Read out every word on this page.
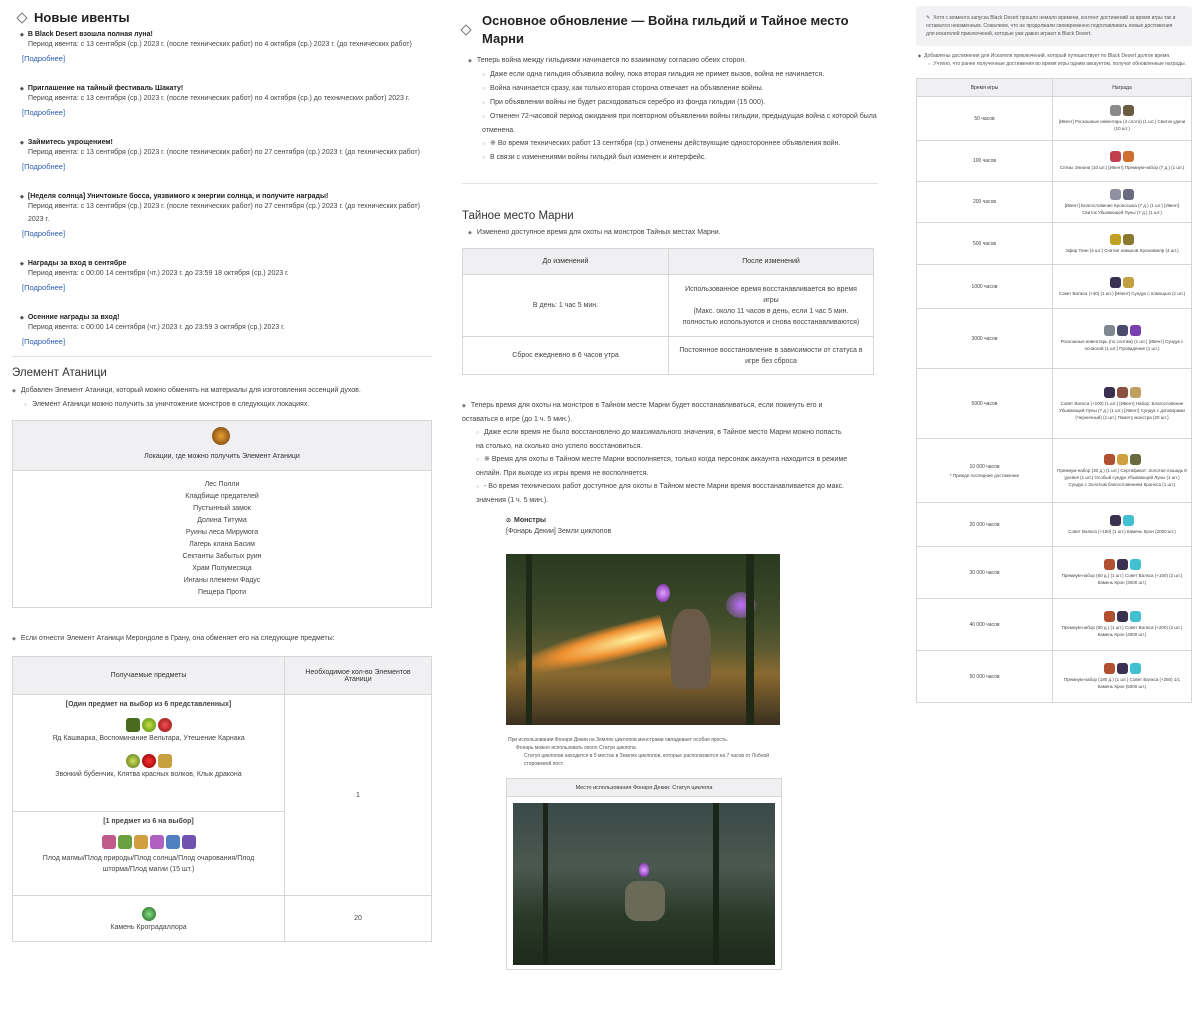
Новые ивенты
◆ В Black Desert взошла полная луна!
Период ивента: с 13 сентября (ср.) 2023 г. (после технических работ) по 4 октября (ср.) 2023 г. (до технических работ)
[Подробнее]
◆ Приглашение на тайный фестиваль Шакату!
Период ивента: с 13 сентября (ср.) 2023 г. (после технических работ) по 4 октября (ср.) до технических работ) 2023 г.
[Подробнее]
◆ Займитесь укрощением!
Период ивента: с 13 сентября (ср.) 2023 г. (после технических работ) по 27 сентября (ср.) 2023 г. (до технических работ)
[Подробнее]
◆ [Неделя солнца] Уничтожьте босса, уязвимого к энергии солнца, и получите награды!
Период ивента: с 13 сентября (ср.) 2023 г. (после технических работ) по 27 сентября (ср.) 2023 г. (до технических работ) 2023 г.
[Подробнее]
◆ Награды за вход в сентябре
Период ивента: с 00:00 14 сентября (чт.) 2023 г. до 23:59 18 октября (ср.) 2023 г.
[Подробнее]
◆ Осенние награды за вход!
Период ивента: с 00:00 14 сентября (чт.) 2023 г. до 23:59 3 октября (ср.) 2023 г.
[Подробнее]
Элемент Атаници
◆ Добавлен Элемент Атаници, который можно обменять на материалы для изготовления эссенций духов.
○ Элемент Атаници можно получить за уничтожение монстров в следующих локациях.
Локации, где можно получить Элемент Атаници

Лес Полли
Кладбище предателей
Пустынный замок
Долина Титума
Руины леса Мирумога
Лагерь клана Басим
Сектанты Забытых руин
Храм Полумесяца
Инганы племени Фадус
Пещера Проти
◆ Если отнести Элемент Атаници Мерондоле в Грану, она обменяет его на следующие предметы:
Получаемые предметы	Необходимое кол-во Элементов Атаници

[Один предмет на выбор из 6 представленных]
Яд Кашварка, Воспоминание Вельтара, Утешение Карнака
Звонкий бубенчик, Клятва красных волков, Клык дракона	1

[1 предмет из 6 на выбор]
Плод магмы/Плод природы/Плод солнца/Плод очарования/Плод шторма/Плод магии (15 шт.)	

Камень Кроградаллора	20
Основное обновление — Война гильдий и Тайное место Марни
◆ Теперь война между гильдиями начинается по взаимному согласию обеих сторон.
○ Даже если одна гильдия объявила войну, пока вторая гильдия не примет вызов, война не начинается.
○ Война начинается сразу, как только вторая сторона отвечает на объявление войны.
○ При объявлении войны не будет расходоваться серебро из фонда гильдии (15 000).
○ Отменен 72-часовой период ожидания при повторном объявлении войны гильдии, предыдущая война с которой была отменена.
○ ※ Во время технических работ 13 сентября (ср.) отменены действующие одностороннее объявления войн.
○ В связи с изменениями войны гильдий был изменен и интерфейс.
Тайное место Марни
◆ Изменено доступное время для охоты на монстров Тайных местах Марни.
До изменений	После изменений
В день: 1 час 5 мин.	Использованное время восстанавливается во время игры
(Макс. около 11 часов в день, если 1 час 5 мин. полностью используются и снова восстанавливаются)

Сброс ежедневно в 6 часов утра	Постоянное восстановление в зависимости от статуса в игре без сброса
◆ Теперь время для охоты на монстров в Тайном месте Марни будет восстанавливаться, если покинуть его и оставаться в игре (до 1 ч. 5 мин.).
○ Даже если время не было восстановлено до максимального значения, в Тайное место Марни можно попасть на столько, на сколько оно успело восстановиться.
○ ※ Время для охоты в Тайном месте Марни восполняется, только когда персонаж аккаунта находится в режиме онлайн. При выходе из игры время не восполняется.
○ - Во время технических работ доступное для охоты в Тайном месте Марни время восстанавливается до макс. значения (1 ч. 5 мин.).
⊙ Монстры
[Фонарь Декии] Земли циклопов
При использовании Фонаря Декии на Землях циклопов монстрами овладевает особая ярость.
Фонарь можно использовать около Статуи циклопа.
Статуя циклопов находится в 5 местах в Землях циклопов, которые располагаются на 7 часов от Лобной сторожевой пост.
Место использования Фонаря Декии: Статуя циклопа
✎ Хотя с момента запуска Black Desert прошло немало времени, контент достижений за время игры так и оставался неизменным. Сожалеем, что не продолжали своевременно подготавливать новые достижения для искателей приключений, которые уже давно играют в Black Desert.
◆ Добавлены достижения для Искателя приключений, который путешествует по Black Desert долгое время.
○ Учтено, что ранее полученные достижения во время игры одним аккаунтом, получат обновленные награды.
Время игры	Награда

50 часов	[Ивент] Роскошные инвентарь (4 слота) (1 шт.) Свиток удачи (10 шт.)

100 часов	Слезы Элиона (10 шт.) [Ивент] Премиум-набор (7 д.) (1 шт.)

200 часов	[Ивент] Благословение Кроносыка (7 д.) (1 шт.) [Ивент] Свиток Убывающей Луны (7 д.) (1 шт.)

500 часов	Эфир Теин (4 шт.) Снятие навыков Хроноквелр (4 шт.)

1000 часов	Совет Валкса (+40) (1 шт.) [Ивент] Сундук с помощью (1 шт.)

3000 часов	Роскошные инвентарь (по слотам) (1 шт.) [Ивент] Сундук с оснаской (1 шт.) Провидение (1 шт.)

5000 часов	Совет Валкса (+100) (1 шт.) [Ивент] Набор: Благословение Убывающей Луны (7 д.) (1 шт.) [Ивент] Сундук с договорами (Черничный) (1 шт.) Помету монстра (20 шт.)

10 000 часов
* Прежде последние достижение	Премиум-набор (30 д.) (1 шт.) Сертификат: Золотая лошадь 8 уровня (1 шт.) Особый сундук Убывающей Луны (1 шт.) Сундук с Золотым благословением Кроноса (1 шт.)

20 000 часов	Совет Валкса (+150) (1 шт.) Камень Крон (2000 шт.)

30 000 часов	Премиум-набор (60 д.) (1 шт.) Совет Валкса (+150) (2 шт.) Камень Крон (3000 шт.)

40 000 часов	Премиум-набор (90 д.) (1 шт.) Совет Валкса (+200) (2 шт.) Камень Крон (4000 шт.)

50 000 часов	Премиум-набор (180 д.) (1 шт.) Совет Валкса (+250) 1/1 Камень Крон (5000 шт.)
